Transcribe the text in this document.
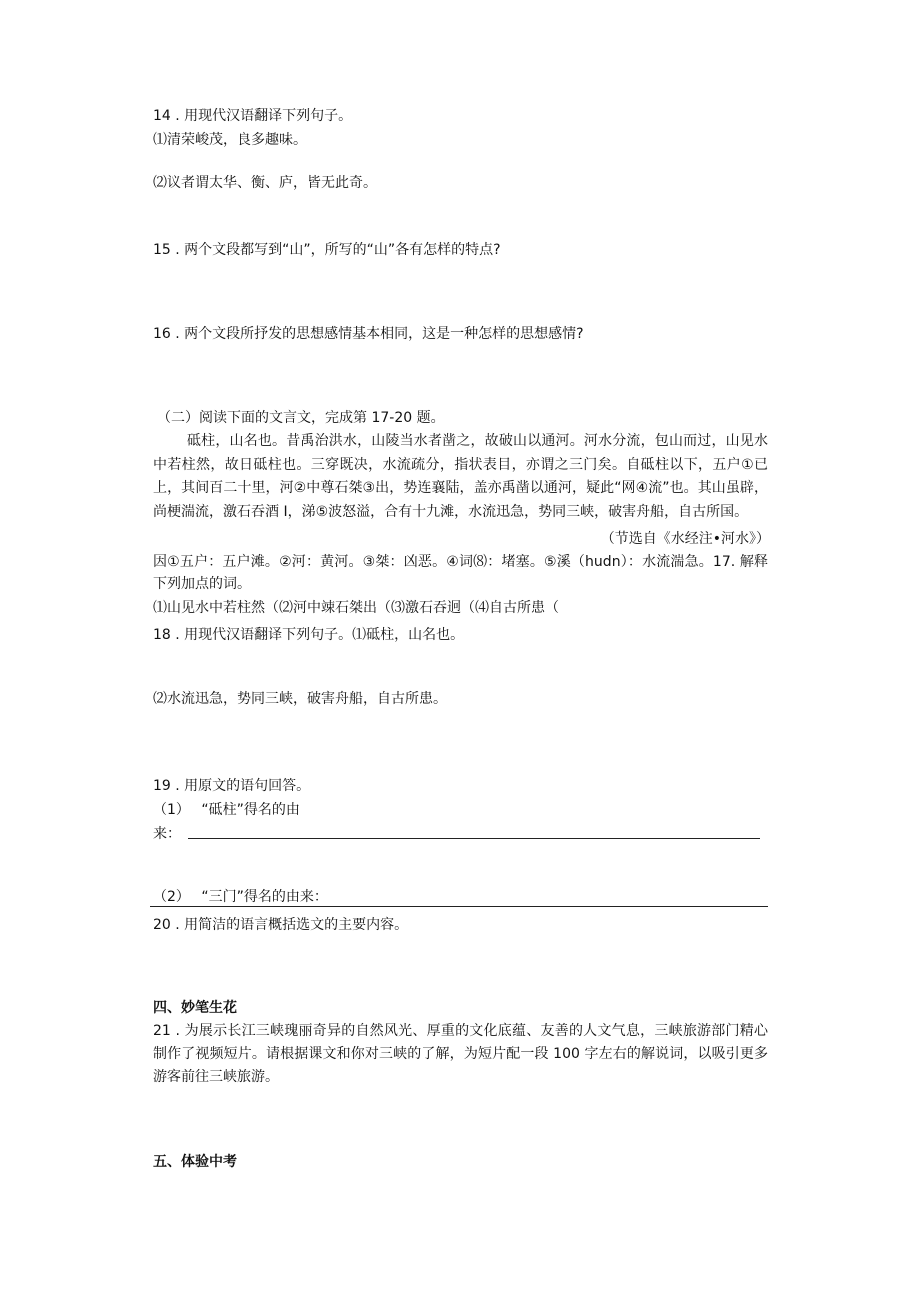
14 . 用现代汉语翻译下列句子。

⑴清荣峻茂，良多趣味。

⑵议者谓太华、衡、庐，皆无此奇。

15 . 两个文段都写到“山”，所写的“山”各有怎样的特点?

16 . 两个文段所抒发的思想感情基本相同，这是一种怎样的思想感情?

（二）阅读下面的文言文，完成第 17-20 题。

砥柱，山名也。昔禹治洪水，山陵当水者凿之，故破山以通河。河水分流，包山而过，山见水中若柱然，故日砥柱也。三穿既决，水流疏分，指状表目，亦谓之三门矣。自砥柱以下，五户①已上，其间百二十里，河②中尊石桀③出，势连襄陆，盖亦禹凿以通河，疑此“网④流”也。其山虽辟，尚梗湍流，激石吞酒 I，涕⑤波怒溢，合有十九滩，水流迅急，势同三峡，破害舟船，自古所国。

（节选自《水经注•河水》）

因①五户：五户滩。②河：黄河。③桀：凶恶。④词⑻：堵塞。⑤溪（hudn）：水流湍急。17. 解释下列加点的词。

⑴山见水中若柱然（⑵河中竦石桀出（⑶激石吞迥（⑷自古所患（

18 . 用现代汉语翻译下列句子。⑴砥柱，山名也。

⑵水流迅急，势同三峡，破害舟船，自古所患。

19 . 用原文的语句回答。

（1）　 “砥柱”得名的由

来：

（2）　 “三门”得名的由来：

20 . 用简洁的语言概括选文的主要内容。

四、妙笔生花

21 . 为展示长江三峡瑰丽奇异的自然风光、厚重的文化底蕴、友善的人文气息，三峡旅游部门精心制作了视频短片。请根据课文和你对三峡的了解，为短片配一段 100 字左右的解说词，以吸引更多游客前往三峡旅游。

五、体验中考
